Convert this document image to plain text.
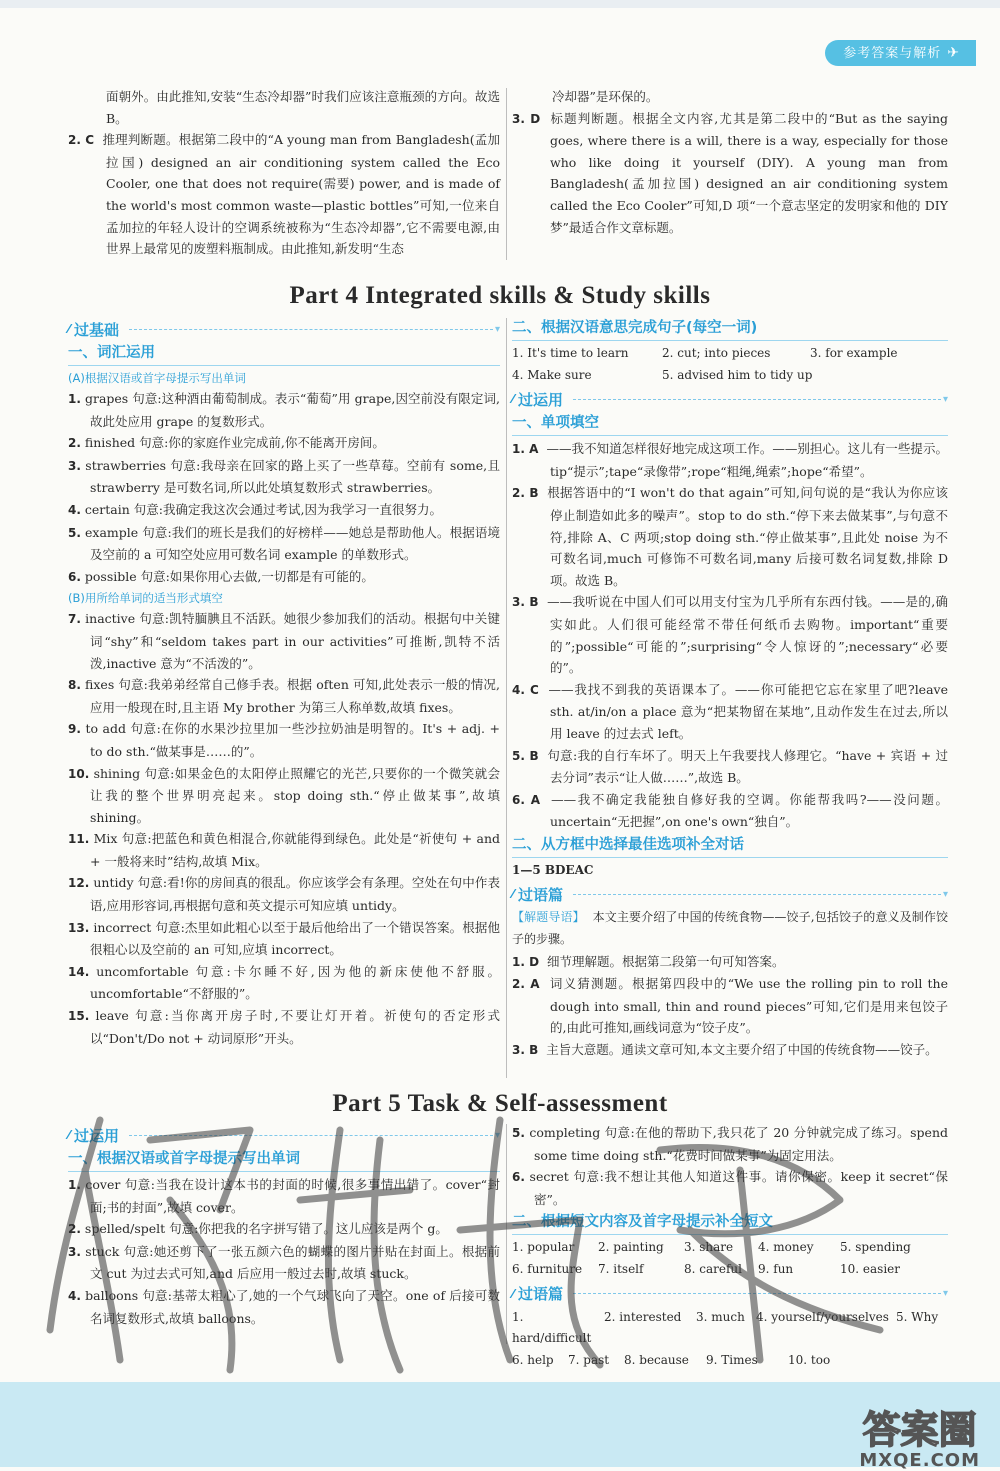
参考答案与解析 ✈

面朝外。由此推知,安装“生态冷却器”时我们应该注意瓶颈的方向。故选 B。

2. C 推理判断题。根据第二段中的“A young man from Bangladesh(孟加拉国) designed an air conditioning system called the Eco Cooler, one that does not require(需要) power, and is made of the world's most common waste—plastic bottles”可知,一位来自孟加拉的年轻人设计的空调系统被称为“生态冷却器”,它不需要电源,由世界上最常见的废塑料瓶制成。由此推知,新发明“生态

冷却器”是环保的。

3. D 标题判断题。根据全文内容,尤其是第二段中的“But as the saying goes, where there is a will, there is a way, especially for those who like doing it yourself (DIY). A young man from Bangladesh(孟加拉国) designed an air conditioning system called the Eco Cooler”可知,D 项“一个意志坚定的发明家和他的 DIY 梦”最适合作文章标题。

Part 4 Integrated skills & Study skills
⁄⁄ 过基础	▾
一、词汇运用
(A)根据汉语或首字母提示写出单词

1. grapes 句意:这种酒由葡萄制成。表示“葡萄”用 grape,因空前没有限定词,故此处应用 grape 的复数形式。

2. finished 句意:你的家庭作业完成前,你不能离开房间。

3. strawberries 句意:我母亲在回家的路上买了一些草莓。空前有 some,且 strawberry 是可数名词,所以此处填复数形式 strawberries。

4. certain 句意:我确定我这次会通过考试,因为我学习一直很努力。

5. example 句意:我们的班长是我们的好榜样——她总是帮助他人。根据语境及空前的 a 可知空处应用可数名词 example 的单数形式。

6. possible 句意:如果你用心去做,一切都是有可能的。

(B)用所给单词的适当形式填空

7. inactive 句意:凯特腼腆且不活跃。她很少参加我们的活动。根据句中关键词“shy”和“seldom takes part in our activities”可推断,凯特不活泼,inactive 意为“不活泼的”。

8. fixes 句意:我弟弟经常自己修手表。根据 often 可知,此处表示一般的情况,应用一般现在时,且主语 My brother 为第三人称单数,故填 fixes。

9. to add 句意:在你的水果沙拉里加一些沙拉奶油是明智的。It's + adj. + to do sth.“做某事是……的”。

10. shining 句意:如果金色的太阳停止照耀它的光芒,只要你的一个微笑就会让我的整个世界明亮起来。stop doing sth.“停止做某事”,故填 shining。

11. Mix 句意:把蓝色和黄色相混合,你就能得到绿色。此处是“祈使句 + and + 一般将来时”结构,故填 Mix。

12. untidy 句意:看!你的房间真的很乱。你应该学会有条理。空处在句中作表语,应用形容词,再根据句意和英文提示可知应填 untidy。

13. incorrect 句意:杰里如此粗心以至于最后他给出了一个错误答案。根据他很粗心以及空前的 an 可知,应填 incorrect。

14. uncomfortable 句意:卡尔睡不好,因为他的新床使他不舒服。uncomfortable“不舒服的”。

15. leave 句意:当你离开房子时,不要让灯开着。祈使句的否定形式以“Don't/Do not + 动词原形”开头。

二、根据汉语意思完成句子(每空一词)
1. It's time to learn	2. cut; into pieces	3. for example
4. Make sure	5. advised him to tidy up
⁄⁄ 过运用	▾
一、单项填空

1. A ——我不知道怎样很好地完成这项工作。——别担心。这儿有一些提示。tip“提示”;tape“录像带”;rope“粗绳,绳索”;hope“希望”。

2. B 根据答语中的“I won't do that again”可知,问句说的是“我认为你应该停止制造如此多的噪声”。stop to do sth.“停下来去做某事”,与句意不符,排除 A、C 两项;stop doing sth.“停止做某事”,且此处 noise 为不可数名词,much 可修饰不可数名词,many 后接可数名词复数,排除 D 项。故选 B。

3. B ——我听说在中国人们可以用支付宝为几乎所有东西付钱。——是的,确实如此。人们很可能经常不带任何纸币去购物。important“重要的”;possible“可能的”;surprising“令人惊讶的”;necessary“必要的”。

4. C ——我找不到我的英语课本了。——你可能把它忘在家里了吧?leave sth. at/in/on a place 意为“把某物留在某地”,且动作发生在过去,所以用 leave 的过去式 left。

5. B 句意:我的自行车坏了。明天上午我要找人修理它。“have + 宾语 + 过去分词”表示“让人做……”,故选 B。

6. A ——我不确定我能独自修好我的空调。你能帮我吗?——没问题。uncertain“无把握”,on one's own“独自”。

二、从方框中选择最佳选项补全对话
1—5 BDEAC
⁄⁄ 过语篇	▾

【解题导语】 本文主要介绍了中国的传统食物——饺子,包括饺子的意义及制作饺子的步骤。

1. D 细节理解题。根据第二段第一句可知答案。

2. A 词义猜测题。根据第四段中的“We use the rolling pin to roll the dough into small, thin and round pieces”可知,它们是用来包饺子的,由此可推知,画线词意为“饺子皮”。

3. B 主旨大意题。通读文章可知,本文主要介绍了中国的传统食物——饺子。

Part 5 Task & Self-assessment
⁄⁄ 过运用	▾
一、根据汉语或首字母提示写出单词

1. cover 句意:当我在设计这本书的封面的时候,很多事情出错了。cover“封面;书的封面”,故填 cover。

2. spelled/spelt 句意:你把我的名字拼写错了。这儿应该是两个 g。

3. stuck 句意:她还剪下了一张五颜六色的蝴蝶的图片并贴在封面上。根据前文 cut 为过去式可知,and 后应用一般过去时,故填 stuck。

4. balloons 句意:基蒂太粗心了,她的一个气球飞向了天空。one of 后接可数名词复数形式,故填 balloons。

5. completing 句意:在他的帮助下,我只花了 20 分钟就完成了练习。spend some time doing sth.“花费时间做某事”为固定用法。

6. secret 句意:我不想让其他人知道这件事。请你保密。keep it secret“保密”。

二、根据短文内容及首字母提示补全短文
1. popular	2. painting	3. share	4. money	5. spending
6. furniture	7. itself	8. careful	9. fun	10. easier
⁄⁄ 过语篇	▾
1. hard/difficult
2. interested	3. much 4. yourself/yourselves 5. Why
6. help	7. past	8. because	9. Times	10. too
答案圈
MXQE.COM
